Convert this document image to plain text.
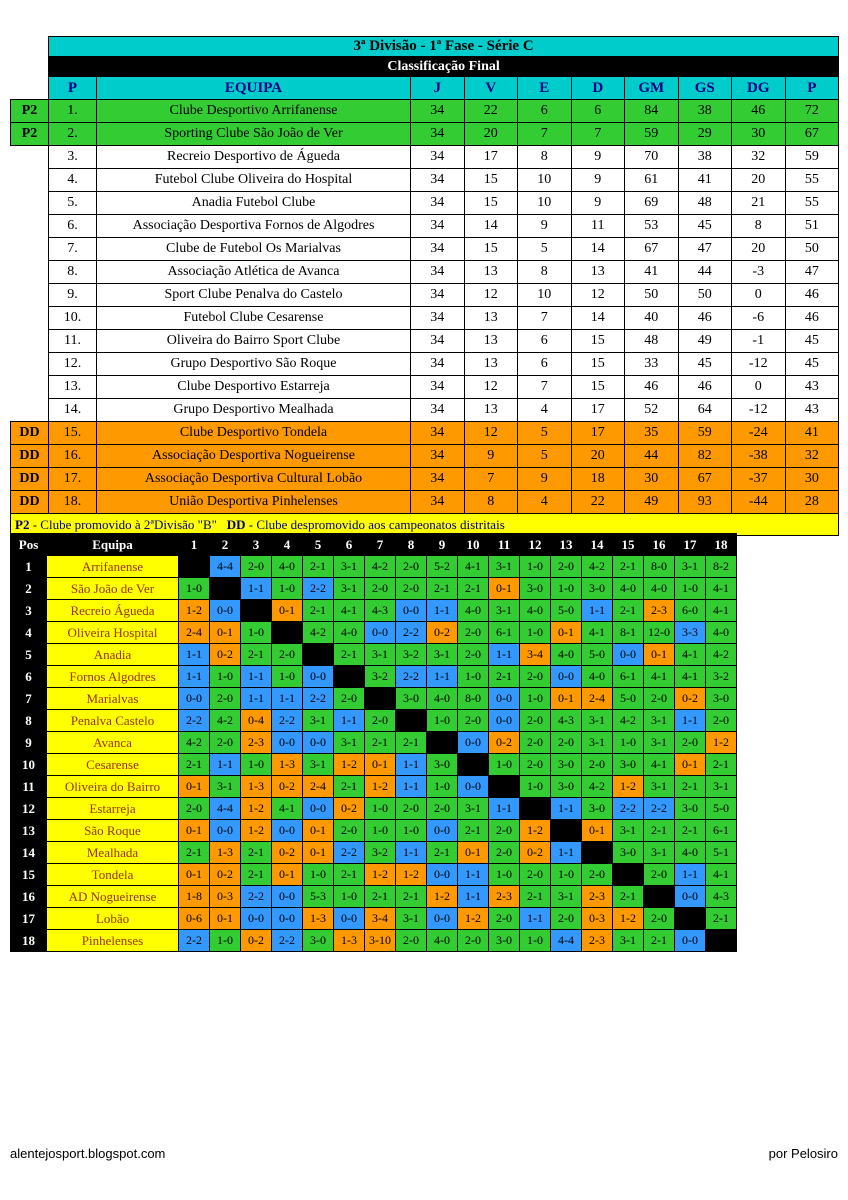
	3ª Divisão - 1ª Fase - Série C									
	Classificação Final									
	P	EQUIPA	J	V	E	D	GM	GS	DG	P
P2	1.	Clube Desportivo Arrifanense	34	22	6	6	84	38	46	72
P2	2.	Sporting Clube São João de Ver	34	20	7	7	59	29	30	67
	3.	Recreio Desportivo de Águeda	34	17	8	9	70	38	32	59
	4.	Futebol Clube Oliveira do Hospital	34	15	10	9	61	41	20	55
	5.	Anadia Futebol Clube	34	15	10	9	69	48	21	55
	6.	Associação Desportiva Fornos de Algodres	34	14	9	11	53	45	8	51
	7.	Clube de Futebol Os Marialvas	34	15	5	14	67	47	20	50
	8.	Associação Atlética de Avanca	34	13	8	13	41	44	-3	47
	9.	Sport Clube Penalva do Castelo	34	12	10	12	50	50	0	46
	10.	Futebol Clube Cesarense	34	13	7	14	40	46	-6	46
	11.	Oliveira do Bairro Sport Clube	34	13	6	15	48	49	-1	45
	12.	Grupo Desportivo São Roque	34	13	6	15	33	45	-12	45
	13.	Clube Desportivo Estarreja	34	12	7	15	46	46	0	43
	14.	Grupo Desportivo Mealhada	34	13	4	17	52	64	-12	43
DD	15.	Clube Desportivo Tondela	34	12	5	17	35	59	-24	41
DD	16.	Associação Desportiva Nogueirense	34	9	5	20	44	82	-38	32
DD	17.	Associação Desportiva Cultural Lobão	34	7	9	18	30	67	-37	30
DD	18.	União Desportiva Pinhelenses	34	8	4	22	49	93	-44	28
P2 - Clube promovido à 2ªDivisão "B"   DD - Clube despromovido aos campeonatos distritais										
Pos	Equipa	1	2	3	4	5	6	7	8	9	10	11	12	13	14	15	16	17	18
1	Arrifanense		4-4	2-0	4-0	2-1	3-1	4-2	2-0	5-2	4-1	3-1	1-0	2-0	4-2	2-1	8-0	3-1	8-2
2	São João de Ver	1-0		1-1	1-0	2-2	3-1	2-0	2-0	2-1	2-1	0-1	3-0	1-0	3-0	4-0	4-0	1-0	4-1
3	Recreio Águeda	1-2	0-0		0-1	2-1	4-1	4-3	0-0	1-1	4-0	3-1	4-0	5-0	1-1	2-1	2-3	6-0	4-1
4	Oliveira Hospital	2-4	0-1	1-0		4-2	4-0	0-0	2-2	0-2	2-0	6-1	1-0	0-1	4-1	8-1	12-0	3-3	4-0
5	Anadia	1-1	0-2	2-1	2-0		2-1	3-1	3-2	3-1	2-0	1-1	3-4	4-0	5-0	0-0	0-1	4-1	4-2
6	Fornos Algodres	1-1	1-0	1-1	1-0	0-0		3-2	2-2	1-1	1-0	2-1	2-0	0-0	4-0	6-1	4-1	4-1	3-2
7	Marialvas	0-0	2-0	1-1	1-1	2-2	2-0		3-0	4-0	8-0	0-0	1-0	0-1	2-4	5-0	2-0	0-2	3-0
8	Penalva Castelo	2-2	4-2	0-4	2-2	3-1	1-1	2-0		1-0	2-0	0-0	2-0	4-3	3-1	4-2	3-1	1-1	2-0
9	Avanca	4-2	2-0	2-3	0-0	0-0	3-1	2-1	2-1		0-0	0-2	2-0	2-0	3-1	1-0	3-1	2-0	1-2
10	Cesarense	2-1	1-1	1-0	1-3	3-1	1-2	0-1	1-1	3-0		1-0	2-0	3-0	2-0	3-0	4-1	0-1	2-1
11	Oliveira do Bairro	0-1	3-1	1-3	0-2	2-4	2-1	1-2	1-1	1-0	0-0		1-0	3-0	4-2	1-2	3-1	2-1	3-1
12	Estarreja	2-0	4-4	1-2	4-1	0-0	0-2	1-0	2-0	2-0	3-1	1-1		1-1	3-0	2-2	2-2	3-0	5-0
13	São Roque	0-1	0-0	1-2	0-0	0-1	2-0	1-0	1-0	0-0	2-1	2-0	1-2		0-1	3-1	2-1	2-1	6-1
14	Mealhada	2-1	1-3	2-1	0-2	0-1	2-2	3-2	1-1	2-1	0-1	2-0	0-2	1-1		3-0	3-1	4-0	5-1
15	Tondela	0-1	0-2	2-1	0-1	1-0	2-1	1-2	1-2	0-0	1-1	1-0	2-0	1-0	2-0		2-0	1-1	4-1
16	AD Nogueirense	1-8	0-3	2-2	0-0	5-3	1-0	2-1	2-1	1-2	1-1	2-3	2-1	3-1	2-3	2-1		0-0	4-3
17	Lobão	0-6	0-1	0-0	0-0	1-3	0-0	3-4	3-1	0-0	1-2	2-0	1-1	2-0	0-3	1-2	2-0		2-1
18	Pinhelenses	2-2	1-0	0-2	2-2	3-0	1-3	3-10	2-0	4-0	2-0	3-0	1-0	4-4	2-3	3-1	2-1	0-0	
alentejosport.blogspot.com	por Pelosiro
